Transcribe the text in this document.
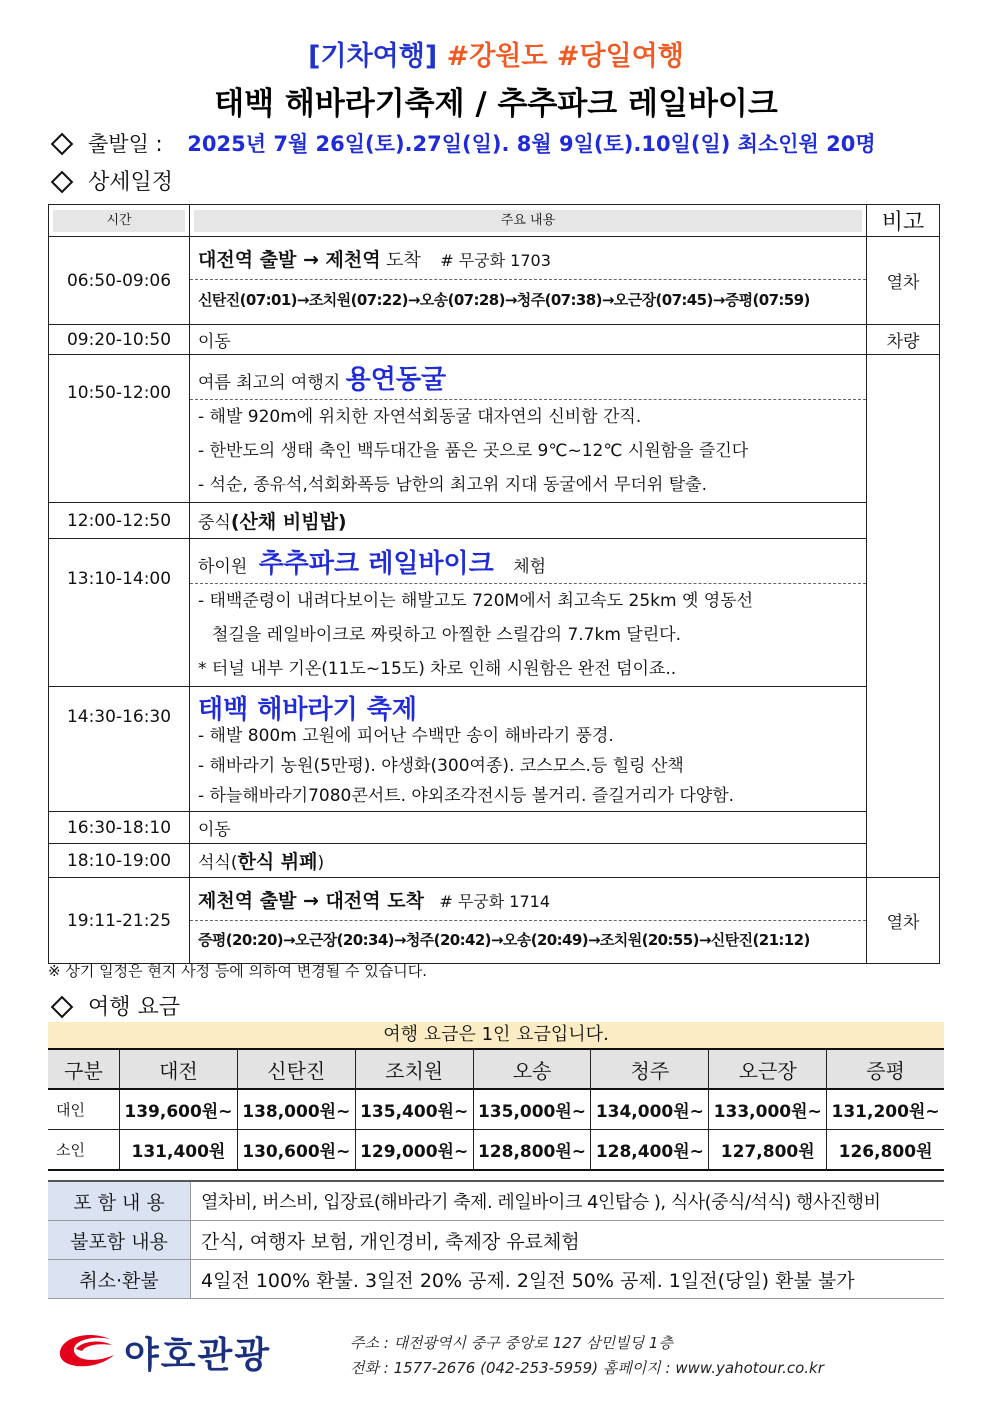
[기차여행] #강원도 #당일여행
태백 해바라기축제 / 추추파크 레일바이크
출발일 : 2025년 7월 26일(토).27일(일). 8월 9일(토).10일(일) 최소인원 20명
상세일정
시간	주요 내용	비고
06:50-09:06	대전역 출발 → 제천역 도착 # 무궁화 1703
신탄진(07:01)→조치원(07:22)→오송(07:28)→청주(07:38)→오근장(07:45)→증평(07:59)	열차
09:20-10:50	이동	차량
10:50-12:00	여름 최고의 여행지 용연동굴
- 해발 920m에 위치한 자연석회동굴 대자연의 신비함 간직.
- 한반도의 생태 축인 백두대간을 품은 곳으로 9℃~12℃ 시원함을 즐긴다
- 석순, 종유석,석회화폭등 남한의 최고위 지대 동굴에서 무더위 탈출.	

12:00-12:50	중식(산채 비빔밥)	
13:10-14:00	하이원 추추파크 레일바이크 체험
- 태백준령이 내려다보이는 해발고도 720M에서 최고속도 25km 옛 영동선
철길을 레일바이크로 짜릿하고 아찔한 스릴감의 7.7km 달린다.
* 터널 내부 기온(11도~15도) 차로 인해 시원함은 완전 덤이죠..	

14:30-16:30	태백 해바라기 축제
- 해발 800m 고원에 피어난 수백만 송이 해바라기 풍경.
- 해바라기 농원(5만평). 야생화(300여종). 코스모스.등 힐링 산책
- 하늘해바라기7080콘서트. 야외조각전시등 볼거리. 즐길거리가 다양함.	

16:30-18:10	이동	
18:10-19:00	석식(한식 뷔페)	
19:11-21:25	제천역 출발 → 대전역 도착 # 무궁화 1714
증평(20:20)→오근장(20:34)→청주(20:42)→오송(20:49)→조치원(20:55)→신탄진(21:12)	열차
※ 상기 일정은 현지 사정 등에 의하여 변경될 수 있습니다.
여행 요금
여행 요금은 1인 요금입니다.
구분	대전	신탄진	조치원	오송	청주	오근장	증평
대인	139,600원~	138,000원~	135,400원~	135,000원~	134,000원~	133,000원~	131,200원~
소인	131,400원	130,600원~	129,000원~	128,800원~	128,400원~	127,800원	126,800원
포 함 내 용	열차비, 버스비, 입장료(해바라기 축제. 레일바이크 4인탑승 ), 식사(중식/석식) 행사진행비
불포함 내용	간식, 여행자 보험, 개인경비, 축제장 유료체험
취소·환불	4일전 100% 환불. 3일전 20% 공제. 2일전 50% 공제. 1일전(당일) 환불 불가
야호관광	주소 : 대전광역시 중구 중앙로 127 삼민빌딩 1층
전화 : 1577-2676 (042-253-5959) 홈페이지 : www.yahotour.co.kr
